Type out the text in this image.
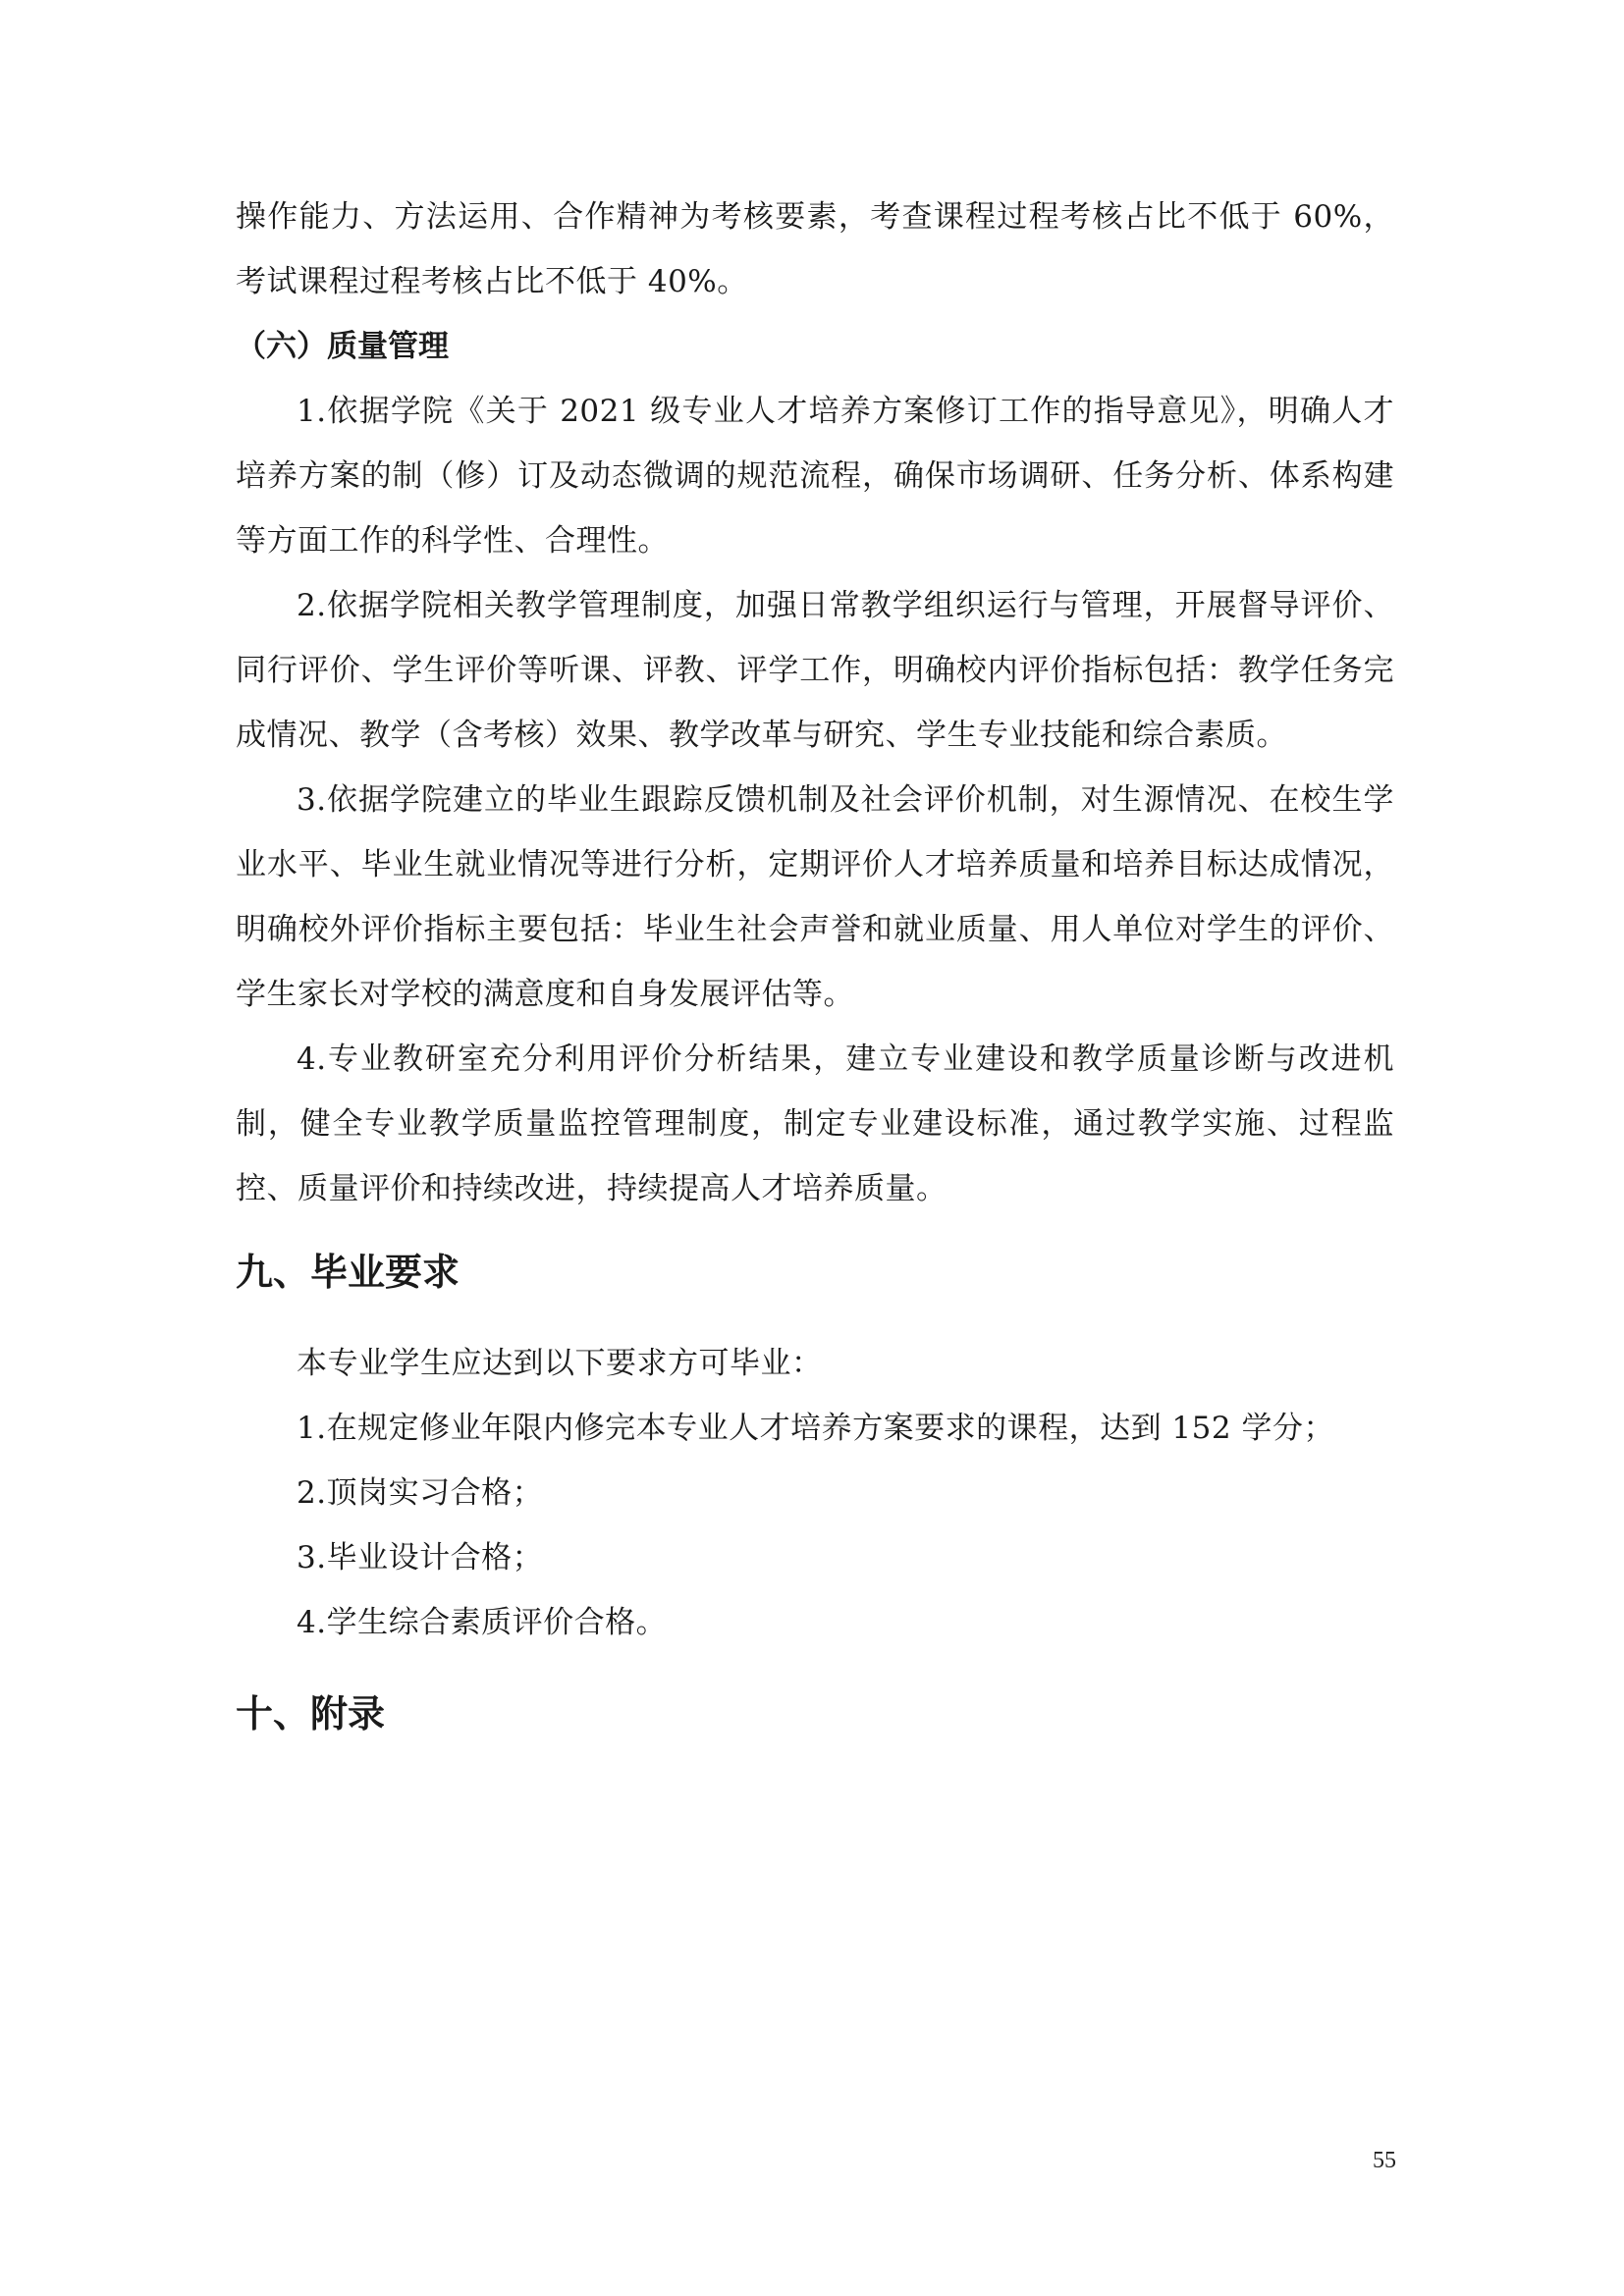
操作能力、方法运用、合作精神为考核要素，考查课程过程考核占比不低于 60%，考试课程过程考核占比不低于 40%。

（六）质量管理

1.依据学院《关于 2021 级专业人才培养方案修订工作的指导意见》，明确人才培养方案的制（修）订及动态微调的规范流程，确保市场调研、任务分析、体系构建等方面工作的科学性、合理性。

2.依据学院相关教学管理制度，加强日常教学组织运行与管理，开展督导评价、同行评价、学生评价等听课、评教、评学工作，明确校内评价指标包括：教学任务完成情况、教学（含考核）效果、教学改革与研究、学生专业技能和综合素质。

3.依据学院建立的毕业生跟踪反馈机制及社会评价机制，对生源情况、在校生学业水平、毕业生就业情况等进行分析，定期评价人才培养质量和培养目标达成情况，明确校外评价指标主要包括：毕业生社会声誉和就业质量、用人单位对学生的评价、学生家长对学校的满意度和自身发展评估等。

4.专业教研室充分利用评价分析结果，建立专业建设和教学质量诊断与改进机制，健全专业教学质量监控管理制度，制定专业建设标准，通过教学实施、过程监控、质量评价和持续改进，持续提高人才培养质量。

九、毕业要求

本专业学生应达到以下要求方可毕业：

1.在规定修业年限内修完本专业人才培养方案要求的课程，达到 152 学分；

2.顶岗实习合格；

3.毕业设计合格；

4.学生综合素质评价合格。

十、附录
55
